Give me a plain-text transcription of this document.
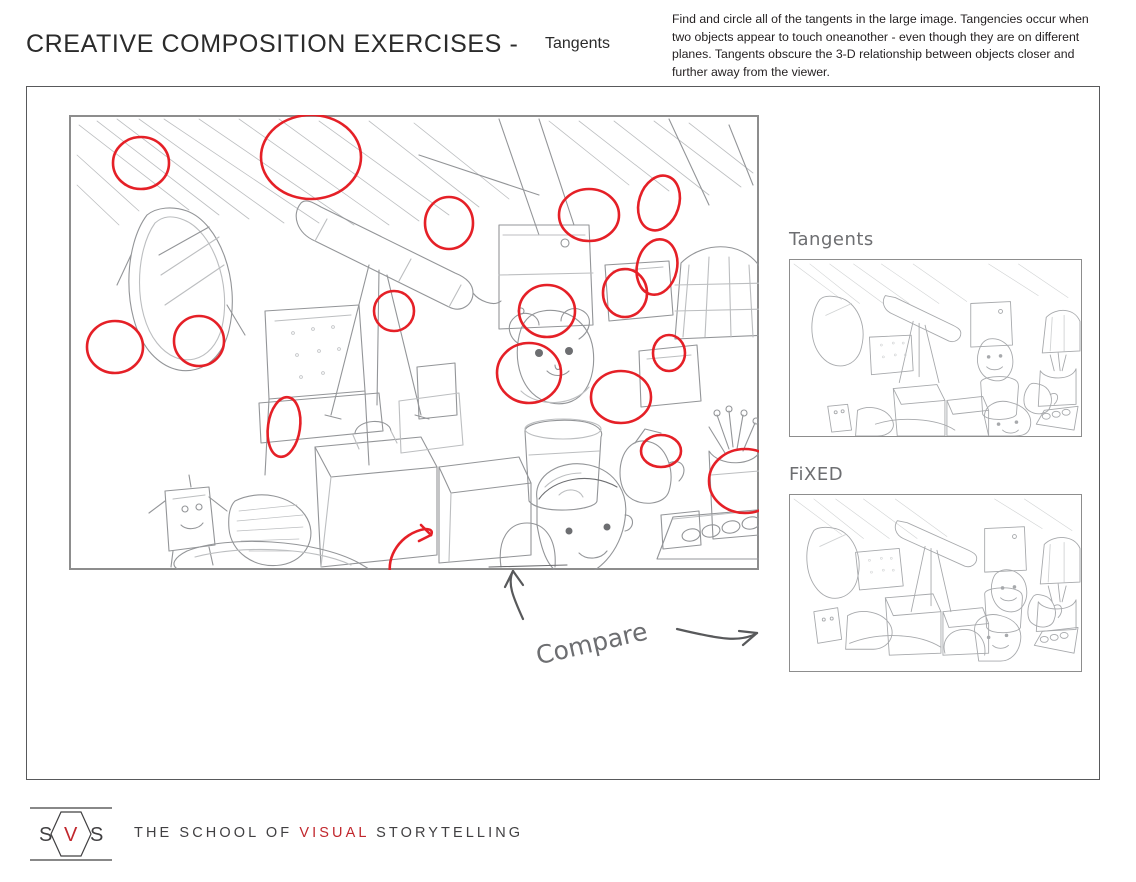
CREATIVE COMPOSITION EXERCISES - Tangents
Find and circle all of the tangents in the large image. Tangencies occur when two objects appear to touch oneanother - even though they are on different planes. Tangents obscure the 3-D relationship between objects closer and further away from the viewer.
Tangents
FiXED
Compare
S V S THE SCHOOL OF VISUAL STORYTELLING
